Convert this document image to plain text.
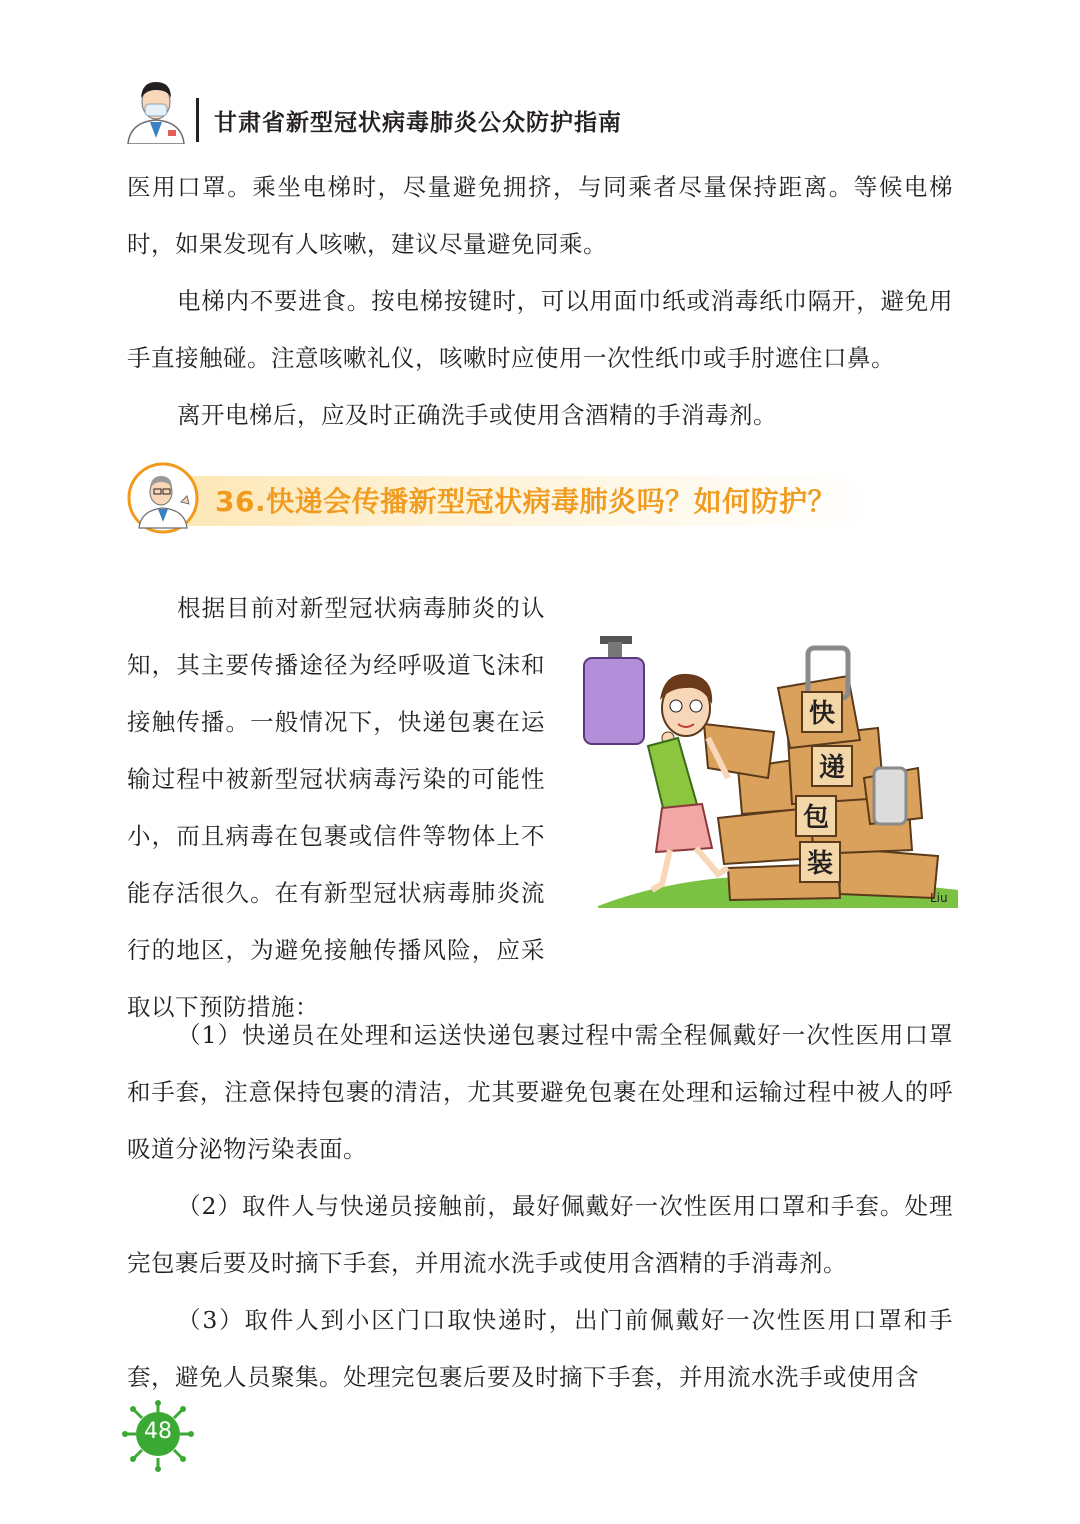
甘肃省新型冠状病毒肺炎公众防护指南

医用口罩。乘坐电梯时，尽量避免拥挤，与同乘者尽量保持距离。等候电梯时，如果发现有人咳嗽，建议尽量避免同乘。

电梯内不要进食。按电梯按键时，可以用面巾纸或消毒纸巾隔开，避免用手直接触碰。注意咳嗽礼仪，咳嗽时应使用一次性纸巾或手肘遮住口鼻。

离开电梯后，应及时正确洗手或使用含酒精的手消毒剂。

36.快递会传播新型冠状病毒肺炎吗？如何防护？

根据目前对新型冠状病毒肺炎的认知，其主要传播途径为经呼吸道飞沫和接触传播。一般情况下，快递包裹在运输过程中被新型冠状病毒污染的可能性小，而且病毒在包裹或信件等物体上不能存活很久。在有新型冠状病毒肺炎流行的地区，为避免接触传播风险，应采取以下预防措施：

快
递
包
装
Liu

（1）快递员在处理和运送快递包裹过程中需全程佩戴好一次性医用口罩和手套，注意保持包裹的清洁，尤其要避免包裹在处理和运输过程中被人的呼吸道分泌物污染表面。

（2）取件人与快递员接触前，最好佩戴好一次性医用口罩和手套。处理完包裹后要及时摘下手套，并用流水洗手或使用含酒精的手消毒剂。

（3）取件人到小区门口取快递时，出门前佩戴好一次性医用口罩和手套，避免人员聚集。处理完包裹后要及时摘下手套，并用流水洗手或使用含

48
